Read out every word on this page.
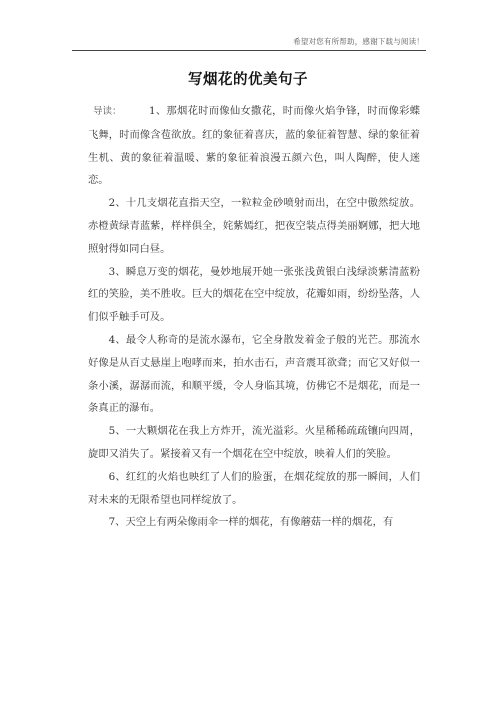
希望对您有所帮助，感谢下载与阅读！
写烟花的优美句子

导读：	1、那烟花时而像仙女撒花，时而像火焰争锋，时而像彩蝶飞舞，时而像含苞欲放。红的象征着喜庆，蓝的象征着智慧、绿的象征着生机、黄的象征着温暖、紫的象征着浪漫五颜六色，叫人陶醉，使人迷恋。

2、十几支烟花直指天空，一粒粒金砂喷射而出，在空中傲然绽放。赤橙黄绿青蓝紫，样样俱全，姹紫嫣红，把夜空装点得美丽婀娜，把大地照射得如同白昼。

3、瞬息万变的烟花，曼妙地展开她一张张浅黄银白浅绿淡紫清蓝粉红的笑脸，美不胜收。巨大的烟花在空中绽放，花瓣如雨，纷纷坠落，人们似乎触手可及。

4、最令人称奇的是流水瀑布，它全身散发着金子般的光芒。那流水好像是从百丈悬崖上咆哮而来，拍水击石，声音震耳欲聋；而它又好似一条小溪，潺潺而流，和顺平缓，令人身临其境，仿佛它不是烟花，而是一条真正的瀑布。

5、一大颗烟花在我上方炸开，流光溢彩。火星稀稀疏疏镶向四周，旋即又消失了。紧接着又有一个烟花在空中绽放，映着人们的笑脸。

6、红红的火焰也映红了人们的脸蛋，在烟花绽放的那一瞬间，人们对未来的无限希望也同样绽放了。

7、天空上有两朵像雨伞一样的烟花，有像蘑菇一样的烟花，有
